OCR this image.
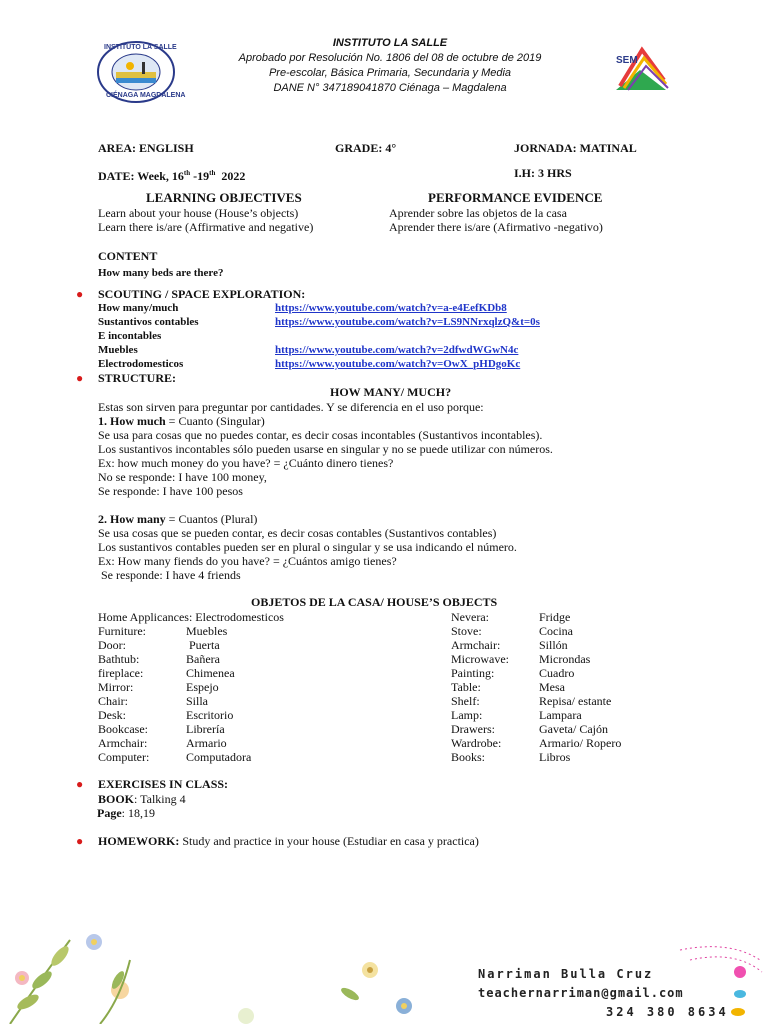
INSTITUTO LA SALLE
CIÉNAGA MAGDALENA
INSTITUTO LA SALLE
Aprobado por Resolución No. 1806 del 08 de octubre de 2019
Pre-escolar, Básica Primaria, Secundaria y Media
DANE N° 347189041870 Ciénaga – Magdalena
SEM
AREA: ENGLISH	GRADE: 4°	JORNADA: MATINAL
DATE: Week, 16th -19th  2022	I.H: 3 HRS
LEARNING OBJECTIVES	PERFORMANCE EVIDENCE
Learn about your house (House’s objects)
Learn there is/are (Affirmative and negative)
Aprender sobre las objetos de la casa
Aprender there is/are (Afirmativo -negativo)
CONTENT
How many beds are there?
● SCOUTING / SPACE EXPLORATION:
How many/much	https://www.youtube.com/watch?v=a-e4EefKDb8
Sustantivos contables	https://www.youtube.com/watch?v=LS9NNrxqlzQ&t=0s
E incontables
Muebles	https://www.youtube.com/watch?v=2dfwdWGwN4c
Electrodomesticos	https://www.youtube.com/watch?v=OwX_pHDgoKc
● STRUCTURE:
HOW MANY/ MUCH?
Estas son sirven para preguntar por cantidades. Y se diferencia en el uso porque:
1. How much = Cuanto (Singular)
Se usa para cosas que no puedes contar, es decir cosas incontables (Sustantivos incontables).
Los sustantivos incontables sólo pueden usarse en singular y no se puede utilizar con números.
Ex: how much money do you have? = ¿Cuánto dinero tienes?
No se responde: I have 100 money,
Se responde: I have 100 pesos
2. How many = Cuantos (Plural)
Se usa cosas que se pueden contar, es decir cosas contables (Sustantivos contables)
Los sustantivos contables pueden ser en plural o singular y se usa indicando el número.
Ex: How many fiends do you have? = ¿Cuántos amigo tienes?
Se responde: I have 4 friends
OBJETOS DE LA CASA/ HOUSE’S OBJECTS
Home Applicances: Electrodomesticos
Furniture:	Muebles
Door:	Puerta
Bathtub:	Bañera
fireplace:	Chimenea
Mirror:	Espejo
Chair:	Silla
Desk:	Escritorio
Bookcase:	Librería
Armchair:	Armario
Computer:	Computadora
Nevera:	Fridge
Stove:	Cocina
Armchair:	Sillón
Microwave:	Microndas
Painting:	Cuadro
Table:	Mesa
Shelf:	Repisa/ estante
Lamp:	Lampara
Drawers:	Gaveta/ Cajón
Wardrobe:	Armario/ Ropero
Books:	Libros
● EXERCISES IN CLASS:
BOOK: Talking 4
Page: 18,19
● HOMEWORK: Study and practice in your house (Estudiar en casa y practica)
Narriman Bulla Cruz
teachernarriman@gmail.com
324 380 8634
